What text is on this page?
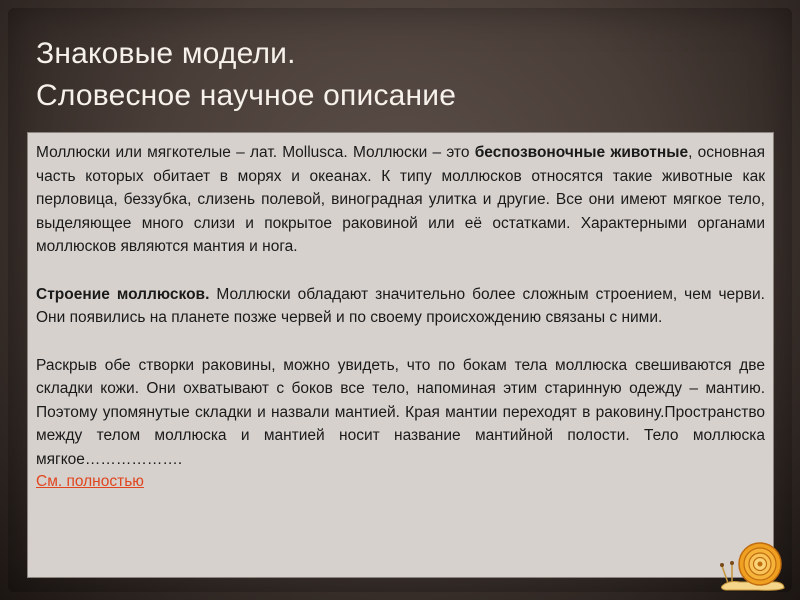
Знаковые модели.
Словесное научное описание

Моллюски или мягкотелые – лат. Mollusca. Моллюски – это беспозвоночные животные, основная часть которых обитает в морях и океанах. К типу моллюсков относятся такие животные как перловица, беззубка, слизень полевой, виноградная улитка и другие. Все они имеют мягкое тело, выделяющее много слизи и покрытое раковиной или её остатками. Характерными органами моллюсков являются мантия и нога.

Строение моллюсков. Моллюски обладают значительно более сложным строением, чем черви. Они появились на планете позже червей и по своему происхождению связаны с ними.

Раскрыв обе створки раковины, можно увидеть, что по бокам тела моллюска свешиваются две складки кожи. Они охватывают с боков все тело, напоминая этим старинную одежду – мантию. Поэтому упомянутые складки и назвали мантией. Края мантии переходят в раковину.Пространство между телом моллюска и мантией носит название мантийной полости. Тело моллюска мягкое……………….

См. полностью
